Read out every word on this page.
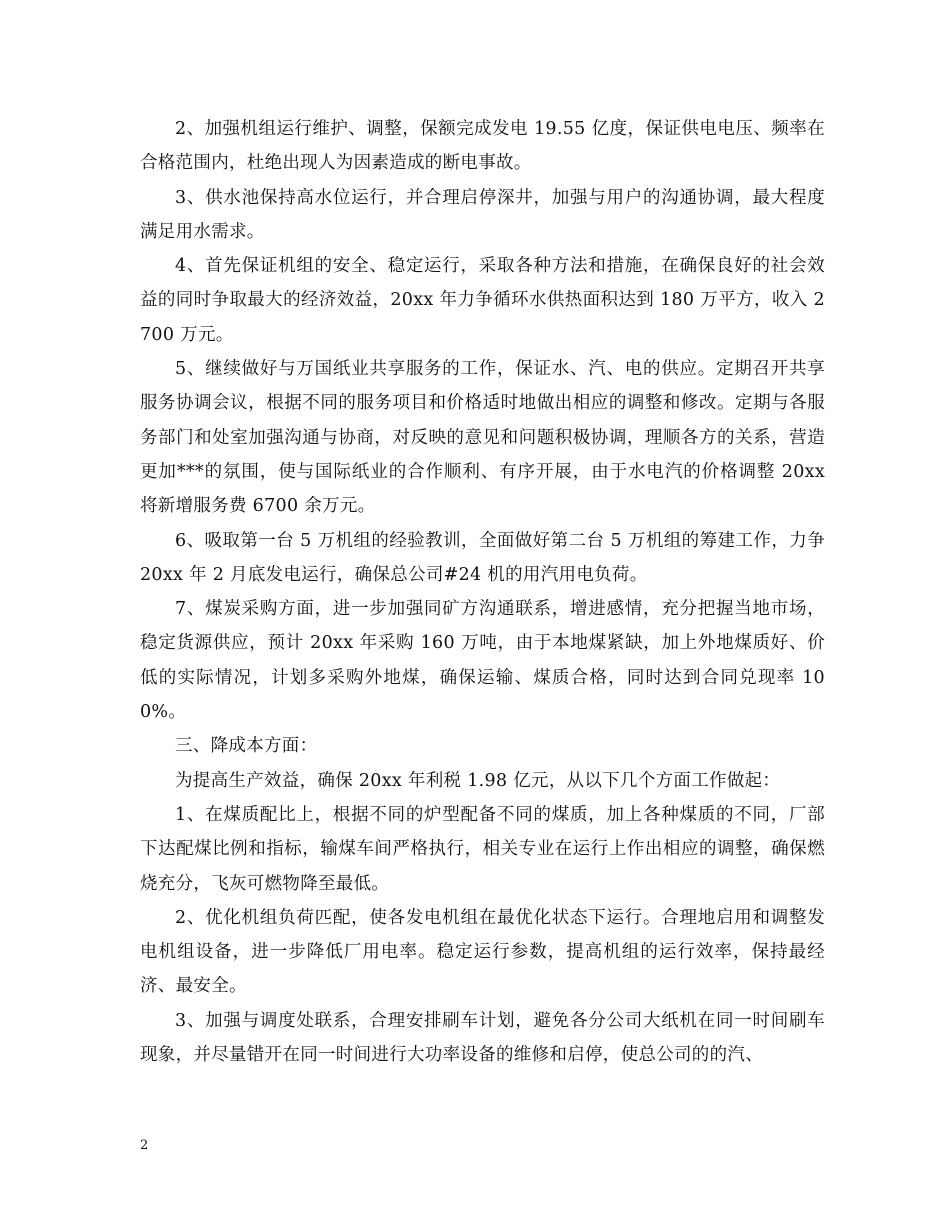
2、加强机组运行维护、调整，保额完成发电 19.55 亿度，保证供电电压、频率在合格范围内，杜绝出现人为因素造成的断电事故。

3、供水池保持高水位运行，并合理启停深井，加强与用户的沟通协调，最大程度满足用水需求。

4、首先保证机组的安全、稳定运行，采取各种方法和措施，在确保良好的社会效益的同时争取最大的经济效益，20xx 年力争循环水供热面积达到 180 万平方，收入 2700 万元。

5、继续做好与万国纸业共享服务的工作，保证水、汽、电的供应。定期召开共享服务协调会议，根据不同的服务项目和价格适时地做出相应的调整和修改。定期与各服务部门和处室加强沟通与协商，对反映的意见和问题积极协调，理顺各方的关系，营造更加***的氛围，使与国际纸业的合作顺利、有序开展，由于水电汽的价格调整 20xx 将新增服务费 6700 余万元。

6、吸取第一台 5 万机组的经验教训，全面做好第二台 5 万机组的筹建工作，力争 20xx 年 2 月底发电运行，确保总公司#24 机的用汽用电负荷。

7、煤炭采购方面，进一步加强同矿方沟通联系，增进感情，充分把握当地市场，稳定货源供应，预计 20xx 年采购 160 万吨，由于本地煤紧缺，加上外地煤质好、价低的实际情况，计划多采购外地煤，确保运输、煤质合格，同时达到合同兑现率 100%。

三、降成本方面：

为提高生产效益，确保 20xx 年利税 1.98 亿元，从以下几个方面工作做起：

1、在煤质配比上，根据不同的炉型配备不同的煤质，加上各种煤质的不同，厂部下达配煤比例和指标，输煤车间严格执行，相关专业在运行上作出相应的调整，确保燃烧充分，飞灰可燃物降至最低。

2、优化机组负荷匹配，使各发电机组在最优化状态下运行。合理地启用和调整发电机组设备，进一步降低厂用电率。稳定运行参数，提高机组的运行效率，保持最经济、最安全。

3、加强与调度处联系，合理安排刷车计划，避免各分公司大纸机在同一时间刷车现象，并尽量错开在同一时间进行大功率设备的维修和启停，使总公司的的汽、

2
